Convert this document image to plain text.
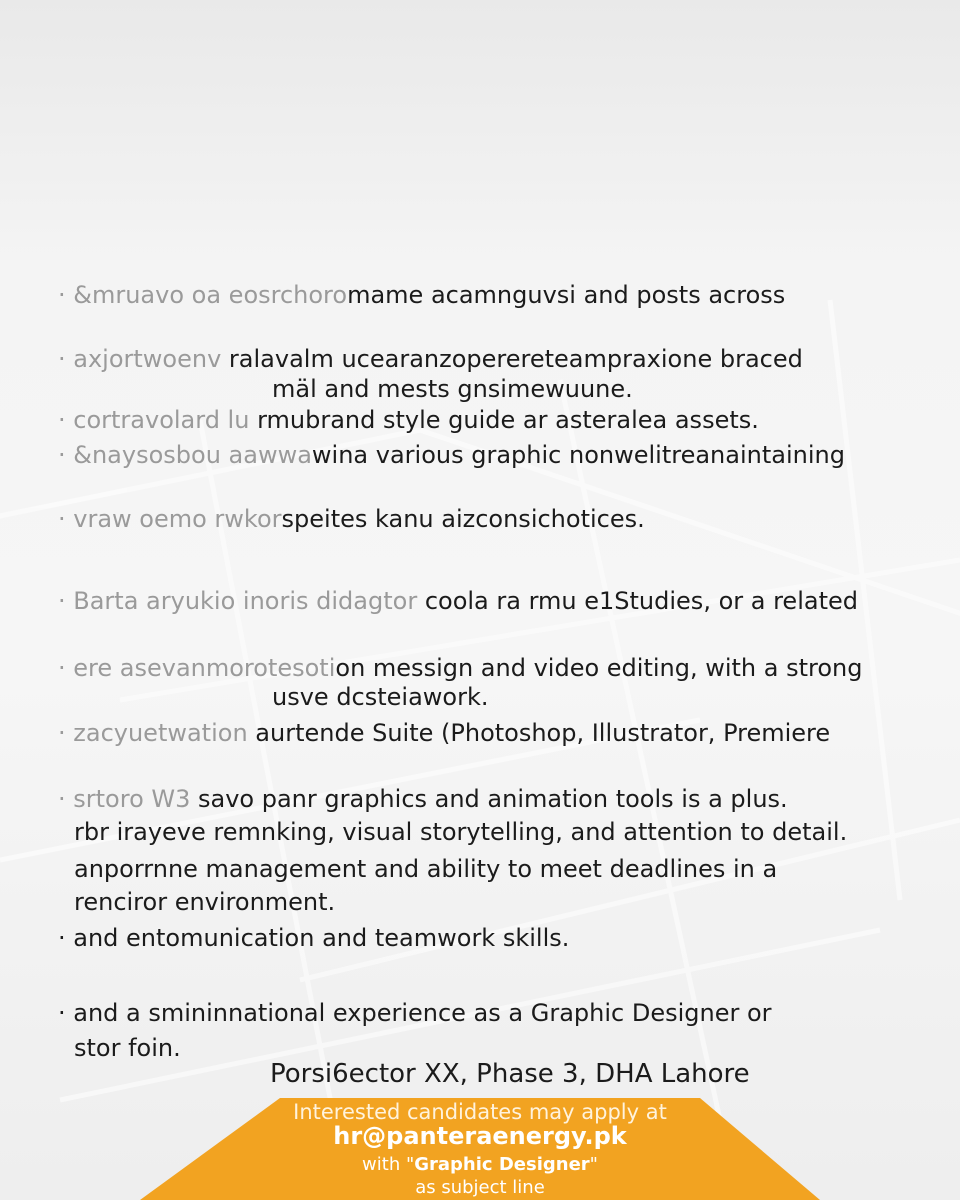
· &mruavo oa eosrchoromame acamnguvsi and posts across
· axjortwoenv ralavalm ucearanzoperereteampraxione braced
mäl and mests gnsimewuune.
· cortravolard lu rmubrand style guide ar asteralea assets.
· &naysosbou aawwawina various graphic nonwelitreanaintaining
· vraw oemo rwkorspeites kanu aizconsichotices.
· Barta aryukio inoris didagtor coola ra rmu e1Studies, or a related
· ere asevanmorotesotion messign and video editing, with a strong
usve dcsteiawork.
· zacyuetwation aurtende Suite (Photoshop, Illustrator, Premiere
· srtoro W3 savo panr graphics and animation tools is a plus.
rbr irayeve remnking, visual storytelling, and attention to detail.
anporrnne management and ability to meet deadlines in a
renciror environment.
· and entomunication and teamwork skills.
· and a smininnational experience as a Graphic Designer or
stor foin.
Porsi6ector XX, Phase 3, DHA Lahore
Interested candidates may apply at
hr@panteraenergy.pk
with "Graphic Designer"
as subject line
